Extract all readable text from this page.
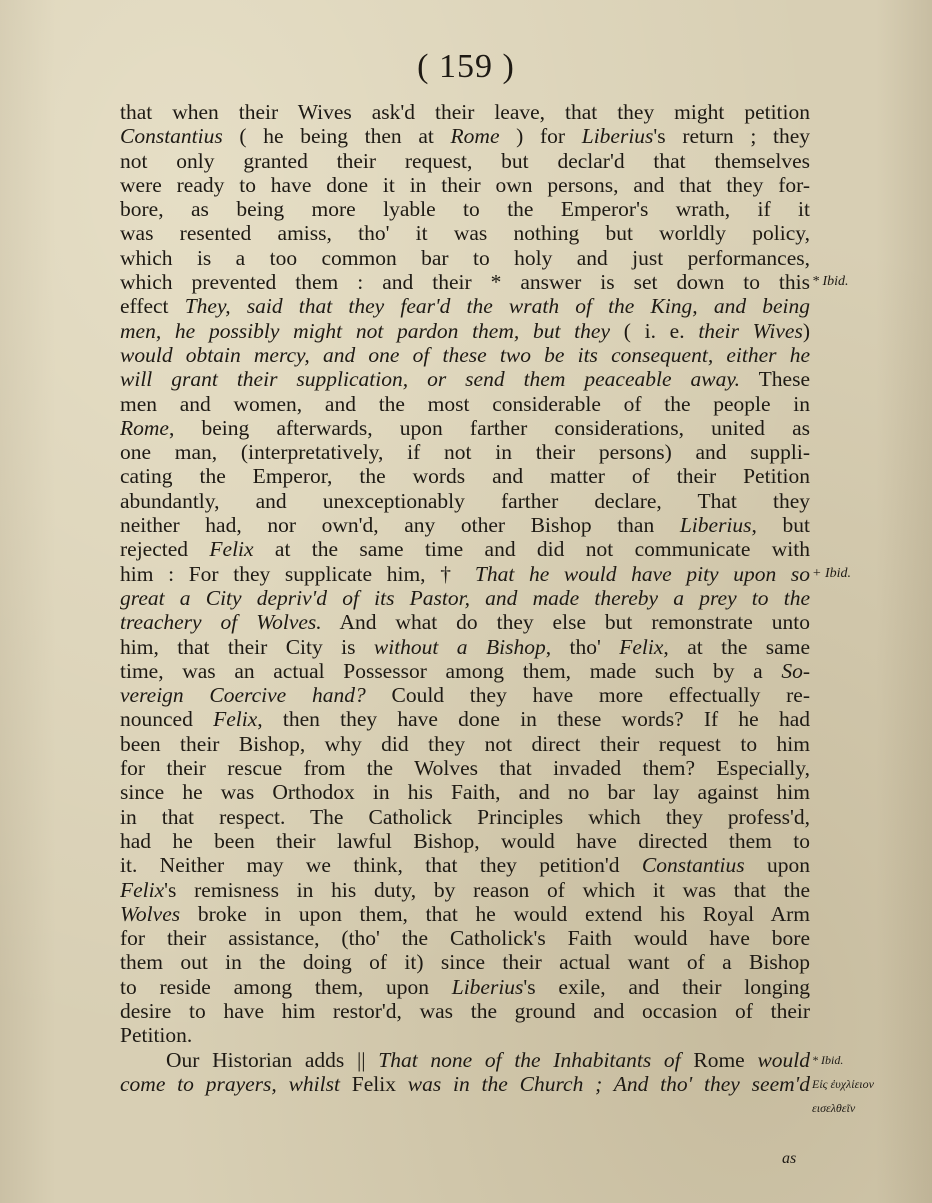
( 159 )
that when their Wives ask'd their leave, that they might petition
Constantius ( he being then at Rome ) for Liberius's return ; they
not only granted their request, but declar'd that themselves
were ready to have done it in their own persons, and that they for-
bore, as being more lyable to the Emperor's wrath, if it
was resented amiss, tho' it was nothing but worldly policy,
which is a too common bar to holy and just performances,
which prevented them : and their * answer is set down to this
effect They, said that they fear'd the wrath of the King, and being
men, he possibly might not pardon them, but they ( i. e. their Wives)
would obtain mercy, and one of these two be its consequent, either he
will grant their supplication, or send them peaceable away. These
men and women, and the most considerable of the people in
Rome, being afterwards, upon farther considerations, united as
one man, (interpretatively, if not in their persons) and suppli-
cating the Emperor, the words and matter of their Petition
abundantly, and unexceptionably farther declare, That they
neither had, nor own'd, any other Bishop than Liberius, but
rejected Felix at the same time and did not communicate with
him : For they supplicate him, † That he would have pity upon so
great a City depriv'd of its Pastor, and made thereby a prey to the
treachery of Wolves. And what do they else but remonstrate unto
him, that their City is without a Bishop, tho' Felix, at the same
time, was an actual Possessor among them, made such by a So-
vereign Coercive hand? Could they have more effectually re-
nounced Felix, then they have done in these words? If he had
been their Bishop, why did they not direct their request to him
for their rescue from the Wolves that invaded them? Especially,
since he was Orthodox in his Faith, and no bar lay against him
in that respect. The Catholick Principles which they profess'd,
had he been their lawful Bishop, would have directed them to
it. Neither may we think, that they petition'd Constantius upon
Felix's remisness in his duty, by reason of which it was that the
Wolves broke in upon them, that he would extend his Royal Arm
for their assistance, (tho' the Catholick's Faith would have bore
them out in the doing of it) since their actual want of a Bishop
to reside among them, upon Liberius's exile, and their longing
desire to have him restor'd, was the ground and occasion of their
Petition.
Our Historian adds || That none of the Inhabitants of Rome would
come to prayers, whilst Felix was in the Church ; And tho' they seem'd
* Ibid.
+ Ibid.
* Ibid.
Εἰς ἐυχλἰειον
εισελθεῖν
as
